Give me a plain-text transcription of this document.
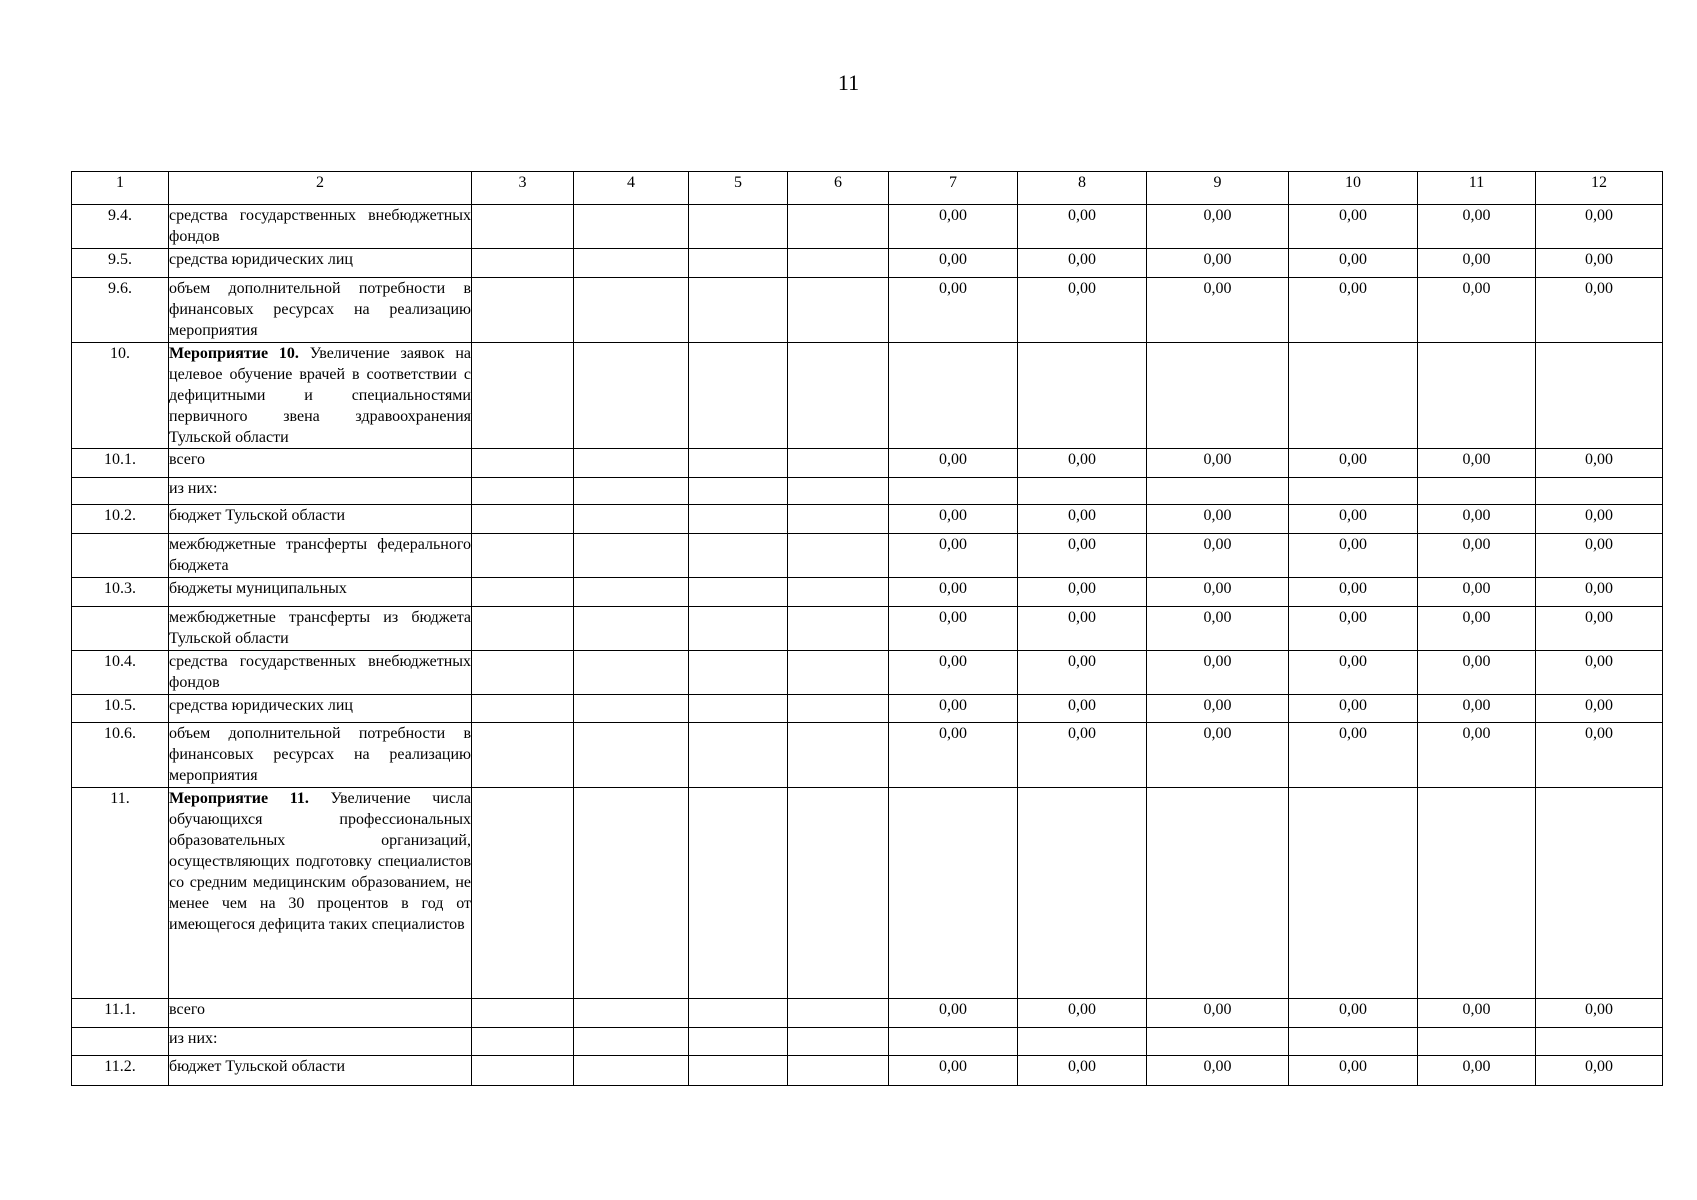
11
1	2	3	4	5	6	7	8	9	10	11	12
9.4.	средства государственных внебюджетных фондов					0,00	0,00	0,00	0,00	0,00	0,00
9.5.	средства юридических лиц					0,00	0,00	0,00	0,00	0,00	0,00
9.6.	объем дополнительной потребности в финансовых ресурсах на реализацию мероприятия					0,00	0,00	0,00	0,00	0,00	0,00
10.	Мероприятие 10. Увеличение заявок на целевое обучение врачей в соответствии с дефицитными и специальностями первичного звена здравоохранения Тульской области										
10.1.	всего					0,00	0,00	0,00	0,00	0,00	0,00
	из них:										
10.2.	бюджет Тульской области					0,00	0,00	0,00	0,00	0,00	0,00
	межбюджетные трансферты федерального бюджета					0,00	0,00	0,00	0,00	0,00	0,00
10.3.	бюджеты муниципальных					0,00	0,00	0,00	0,00	0,00	0,00
	межбюджетные трансферты из бюджета Тульской области					0,00	0,00	0,00	0,00	0,00	0,00
10.4.	средства государственных внебюджетных фондов					0,00	0,00	0,00	0,00	0,00	0,00
10.5.	средства юридических лиц					0,00	0,00	0,00	0,00	0,00	0,00
10.6.	объем дополнительной потребности в финансовых ресурсах на реализацию мероприятия					0,00	0,00	0,00	0,00	0,00	0,00
11.	Мероприятие 11. Увеличение числа обучающихся профессиональных образовательных организаций, осуществляющих подготовку специалистов со средним медицинским образованием, не менее чем на 30 процентов в год от имеющегося дефицита таких специалистов										
11.1.	всего					0,00	0,00	0,00	0,00	0,00	0,00
	из них:										
11.2.	бюджет Тульской области					0,00	0,00	0,00	0,00	0,00	0,00
